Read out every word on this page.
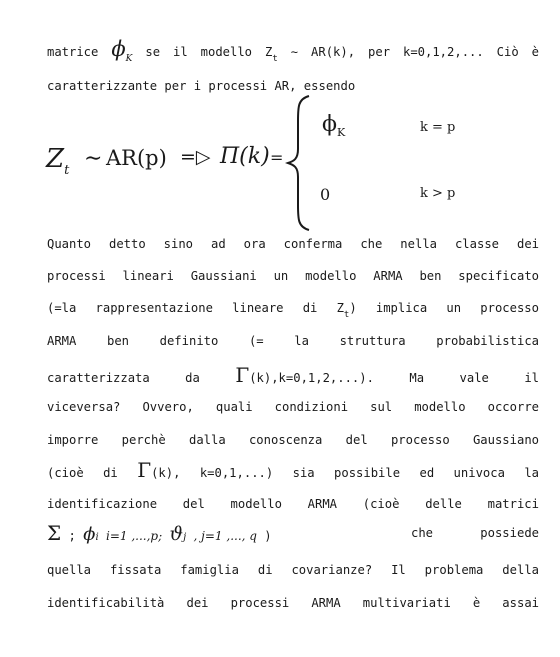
matrice $\phi_K$ se il modello $Z_t$ ∼ AR(k), per k=0,1,2,... Ciò è
caratterizzante per i processi AR, essendo
$Z_t$ ∼ AR(p) =▷ Π(k) =
$\phi_K$	k = p
0	k > p
Quanto detto sino ad ora conferma che nella classe dei
processi lineari Gaussiani un modello ARMA ben specificato
(=la rappresentazione lineare di $Z_t$) implica un processo
ARMA ben definito (= la struttura probabilistica
caratterizzata da Γ(k),k=0,1,2,...). Ma vale il
viceversa? Ovvero, quali condizioni sul modello occorre
imporre perchè dalla conoscenza del processo Gaussiano
(cioè di Γ(k), k=0,1,...) sia possibile ed univoca la
identificazione del modello ARMA (cioè delle matrici
Σ ; ϕi i=1 ,...,p; ϑj , j=1 ,..., q )	che	possiede
quella fissata famiglia di covarianze? Il problema della
identificabilità dei processi ARMA multivariati è assai
